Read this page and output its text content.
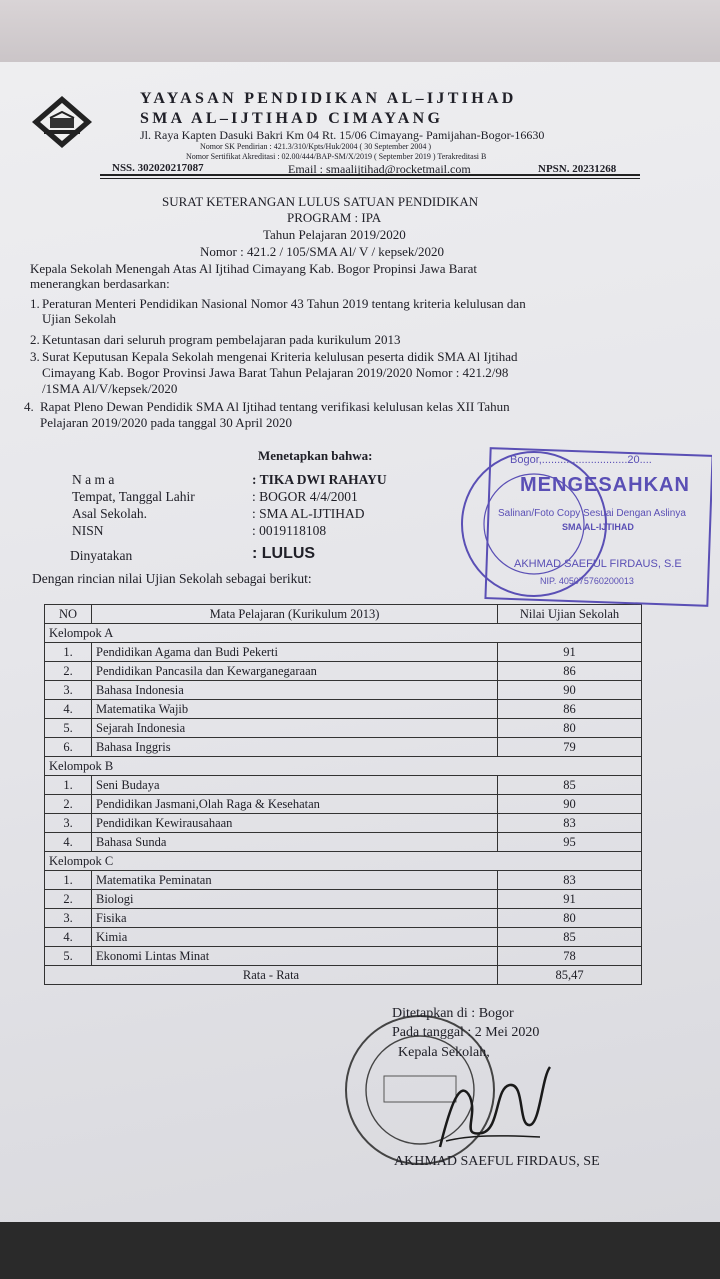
YAYASAN PENDIDIKAN AL–IJTIHAD
SMA AL–IJTIHAD CIMAYANG
Jl. Raya Kapten Dasuki Bakri Km 04 Rt. 15/06 Cimayang- Pamijahan-Bogor-16630
Nomor SK Pendirian : 421.3/310/Kpts/Huk/2004 ( 30 September 2004 )
Nomor Sertifikat Akreditasi : 02.00/444/BAP-SM/X/2019 ( September 2019 ) Terakreditasi B
NSS. 302020217087	Email : smaalijtihad@rocketmail.com	NPSN. 20231268
SURAT KETERANGAN LULUS SATUAN PENDIDIKAN
PROGRAM : IPA
Tahun Pelajaran 2019/2020
Nomor : 421.2 / 105/SMA Al/ V / kepsek/2020
Kepala Sekolah Menengah Atas Al Ijtihad Cimayang Kab. Bogor Propinsi Jawa Barat
menerangkan berdasarkan:
1. Peraturan Menteri Pendidikan Nasional Nomor 43 Tahun 2019 tentang kriteria kelulusan dan
Ujian Sekolah
2. Ketuntasan dari seluruh program pembelajaran pada kurikulum 2013
3. Surat Keputusan Kepala Sekolah mengenai Kriteria kelulusan peserta didik SMA Al Ijtihad
Cimayang Kab. Bogor Provinsi Jawa Barat Tahun Pelajaran 2019/2020 Nomor : 421.2/98
/1SMA Al/V/kepsek/2020
4. Rapat Pleno Dewan Pendidik SMA Al Ijtihad tentang verifikasi kelulusan kelas XII Tahun
Pelajaran 2019/2020 pada tanggal 30 April 2020
Menetapkan bahwa:
N a m a	: TIKA DWI RAHAYU
Tempat, Tanggal Lahir	: BOGOR 4/4/2001
Asal Sekolah.	: SMA AL-IJTIHAD
NISN	: 0019118108
Dinyatakan	: LULUS
Dengan rincian nilai Ujian Sekolah sebagai berikut:
NO	Mata Pelajaran (Kurikulum 2013)	Nilai Ujian Sekolah
Kelompok A		
1.	Pendidikan Agama dan Budi Pekerti	91
2.	Pendidikan Pancasila dan Kewarganegaraan	86
3.	Bahasa Indonesia	90
4.	Matematika Wajib	86
5.	Sejarah Indonesia	80
6.	Bahasa Inggris	79
Kelompok B		
1.	Seni Budaya	85
2.	Pendidikan Jasmani,Olah Raga & Kesehatan	90
3.	Pendidikan Kewirausahaan	83
4.	Bahasa Sunda	95
Kelompok C		
1.	Matematika Peminatan	83
2.	Biologi	91
3.	Fisika	80
4.	Kimia	85
5.	Ekonomi Lintas Minat	78
Rata - Rata		85,47
Bogor,............................20....
MENGESAHKAN
Salinan/Foto Copy Sesuai Dengan Aslinya
SMA AL-IJTIHAD
AKHMAD SAEFUL FIRDAUS, S.E
NIP. 405075760200013
Ditetapkan di : Bogor
Pada tanggal : 2 Mei 2020
Kepala Sekolah,
AKHMAD SAEFUL FIRDAUS, SE
